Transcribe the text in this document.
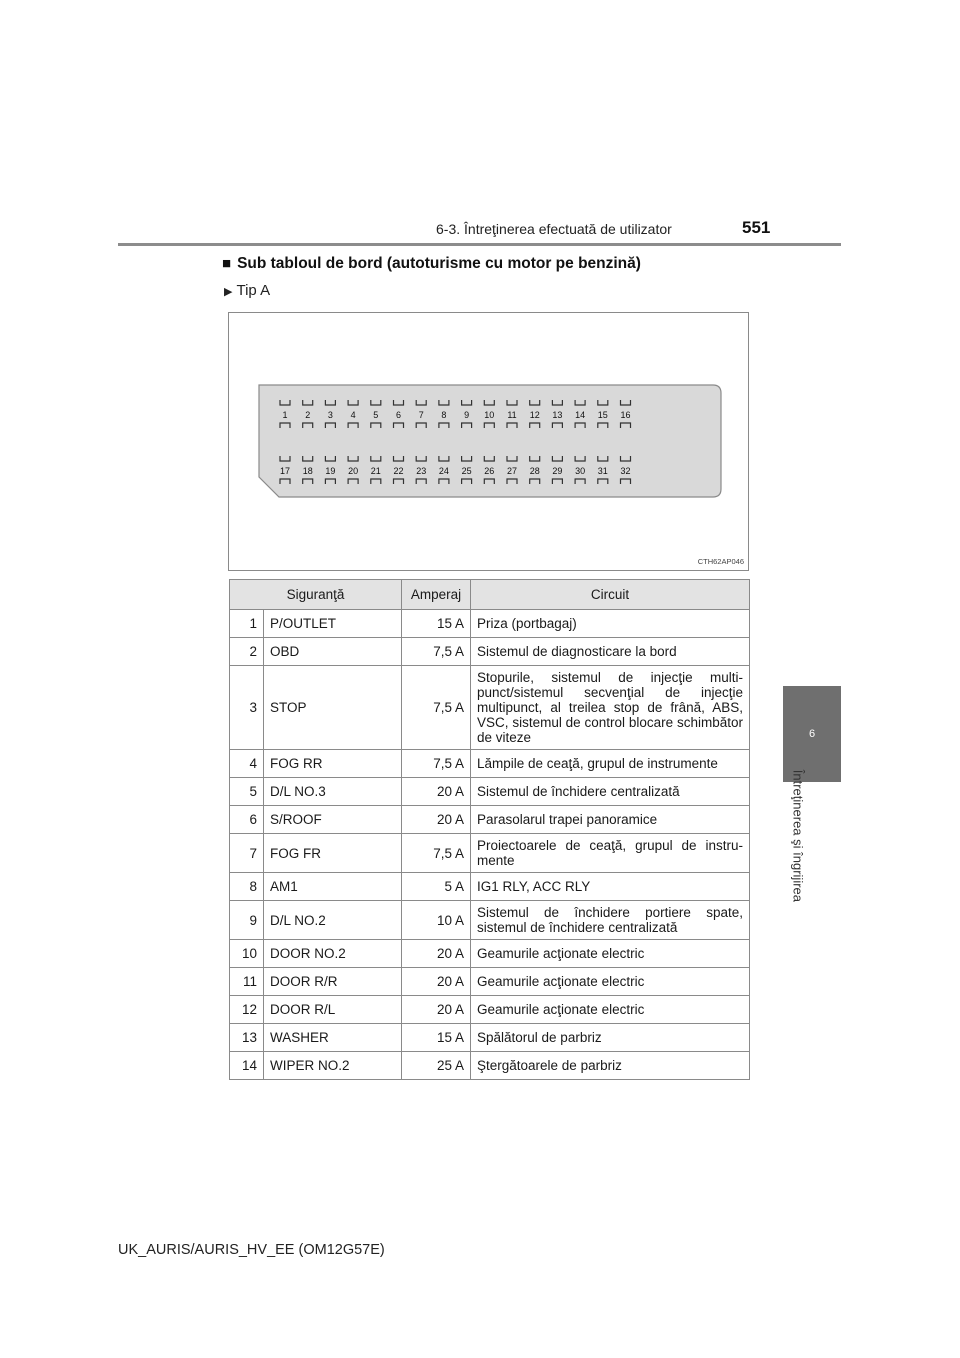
6-3. Întreţinerea efectuată de utilizator	551
6
Întreţinerea şi îngrijirea
■ Sub tabloul de bord (autoturisme cu motor pe benzină)
▶ Tip A
1 2 3 4 5 6 7 8 9 10 11 12 13 14 15 16
17 18 19 20 21 22 23 24 25 26 27 28 29 30 31 32
CTH62AP046
Siguranţă		Amperaj	Circuit
1	P/OUTLET	15 A	Priza (portbagaj)
2	OBD	7,5 A	Sistemul de diagnosticare la bord
3	STOP	7,5 A	Stopurile, sistemul de injecţie multi-punct/sistemul secvenţial de injecţie multipunct, al treilea stop de frână, ABS, VSC, sistemul de control blocare schimbător de viteze
4	FOG RR	7,5 A	Lămpile de ceaţă, grupul de instrumente
5	D/L NO.3	20 A	Sistemul de închidere centralizată
6	S/ROOF	20 A	Parasolarul trapei panoramice
7	FOG FR	7,5 A	Proiectoarele de ceaţă, grupul de instru-mente
8	AM1	5 A	IG1 RLY, ACC RLY
9	D/L NO.2	10 A	Sistemul de închidere portiere spate, sistemul de închidere centralizată
10	DOOR NO.2	20 A	Geamurile acţionate electric
11	DOOR R/R	20 A	Geamurile acţionate electric
12	DOOR R/L	20 A	Geamurile acţionate electric
13	WASHER	15 A	Spălătorul de parbriz
14	WIPER NO.2	25 A	Ştergătoarele de parbriz
UK_AURIS/AURIS_HV_EE (OM12G57E)
